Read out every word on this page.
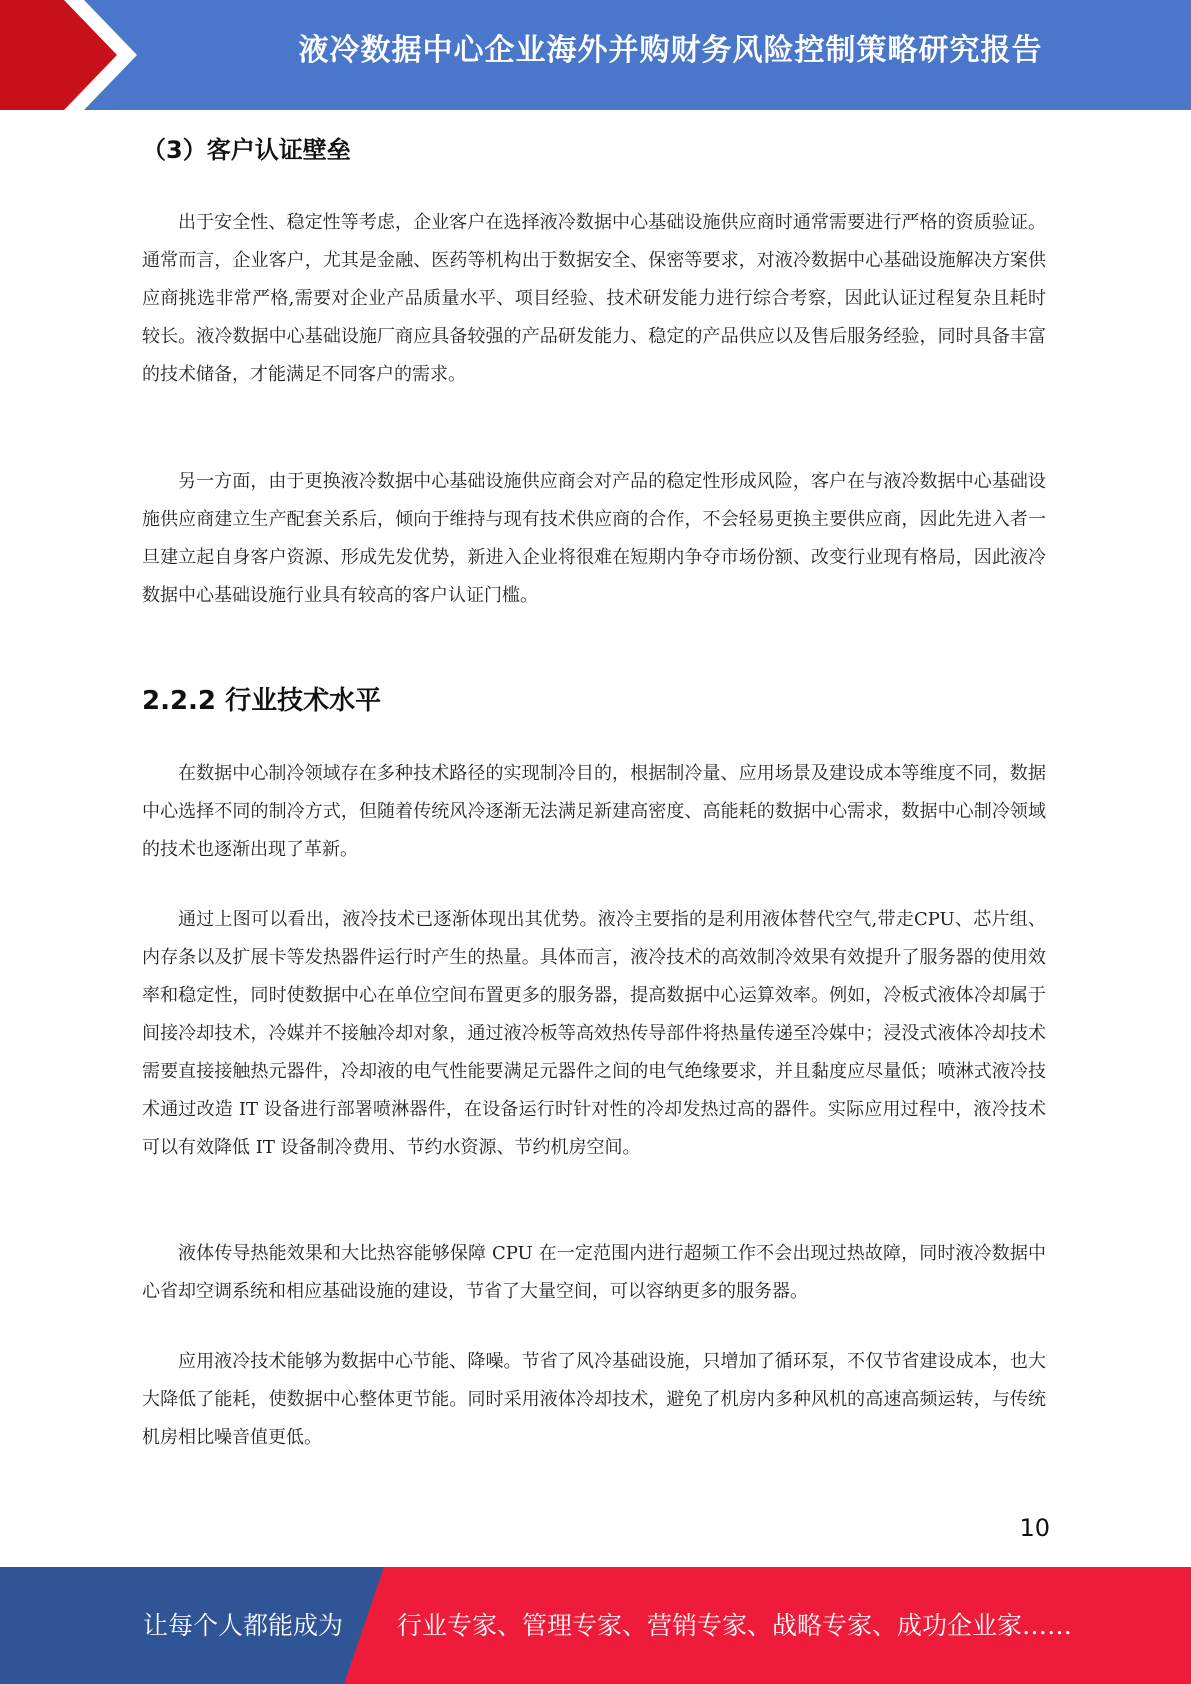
液冷数据中心企业海外并购财务风险控制策略研究报告
（3）客户认证壁垒

出于安全性、稳定性等考虑，企业客户在选择液冷数据中心基础设施供应商时通常需要进行严格的资质验证。通常而言，企业客户，尤其是金融、医药等机构出于数据安全、保密等要求，对液冷数据中心基础设施解决方案供应商挑选非常严格,需要对企业产品质量水平、项目经验、技术研发能力进行综合考察，因此认证过程复杂且耗时较长。液冷数据中心基础设施厂商应具备较强的产品研发能力、稳定的产品供应以及售后服务经验，同时具备丰富的技术储备，才能满足不同客户的需求。

另一方面，由于更换液冷数据中心基础设施供应商会对产品的稳定性形成风险，客户在与液冷数据中心基础设施供应商建立生产配套关系后，倾向于维持与现有技术供应商的合作，不会轻易更换主要供应商，因此先进入者一旦建立起自身客户资源、形成先发优势，新进入企业将很难在短期内争夺市场份额、改变行业现有格局，因此液冷数据中心基础设施行业具有较高的客户认证门槛。

2.2.2 行业技术水平

在数据中心制冷领域存在多种技术路径的实现制冷目的，根据制冷量、应用场景及建设成本等维度不同，数据中心选择不同的制冷方式，但随着传统风冷逐渐无法满足新建高密度、高能耗的数据中心需求，数据中心制冷领域的技术也逐渐出现了革新。

通过上图可以看出，液冷技术已逐渐体现出其优势。液冷主要指的是利用液体替代空气,带走CPU、芯片组、内存条以及扩展卡等发热器件运行时产生的热量。具体而言，液冷技术的高效制冷效果有效提升了服务器的使用效率和稳定性，同时使数据中心在单位空间布置更多的服务器，提高数据中心运算效率。例如，冷板式液体冷却属于间接冷却技术，冷媒并不接触冷却对象，通过液冷板等高效热传导部件将热量传递至冷媒中；浸没式液体冷却技术需要直接接触热元器件，冷却液的电气性能要满足元器件之间的电气绝缘要求，并且黏度应尽量低；喷淋式液冷技术通过改造 IT 设备进行部署喷淋器件，在设备运行时针对性的冷却发热过高的器件。实际应用过程中，液冷技术可以有效降低 IT 设备制冷费用、节约水资源、节约机房空间。

液体传导热能效果和大比热容能够保障 CPU 在一定范围内进行超频工作不会出现过热故障，同时液冷数据中心省却空调系统和相应基础设施的建设，节省了大量空间，可以容纳更多的服务器。

应用液冷技术能够为数据中心节能、降噪。节省了风冷基础设施，只增加了循环泵，不仅节省建设成本，也大大降低了能耗，使数据中心整体更节能。同时采用液体冷却技术，避免了机房内多种风机的高速高频运转，与传统机房相比噪音值更低。

10
让每个人都能成为 行业专家、管理专家、营销专家、战略专家、成功企业家……
